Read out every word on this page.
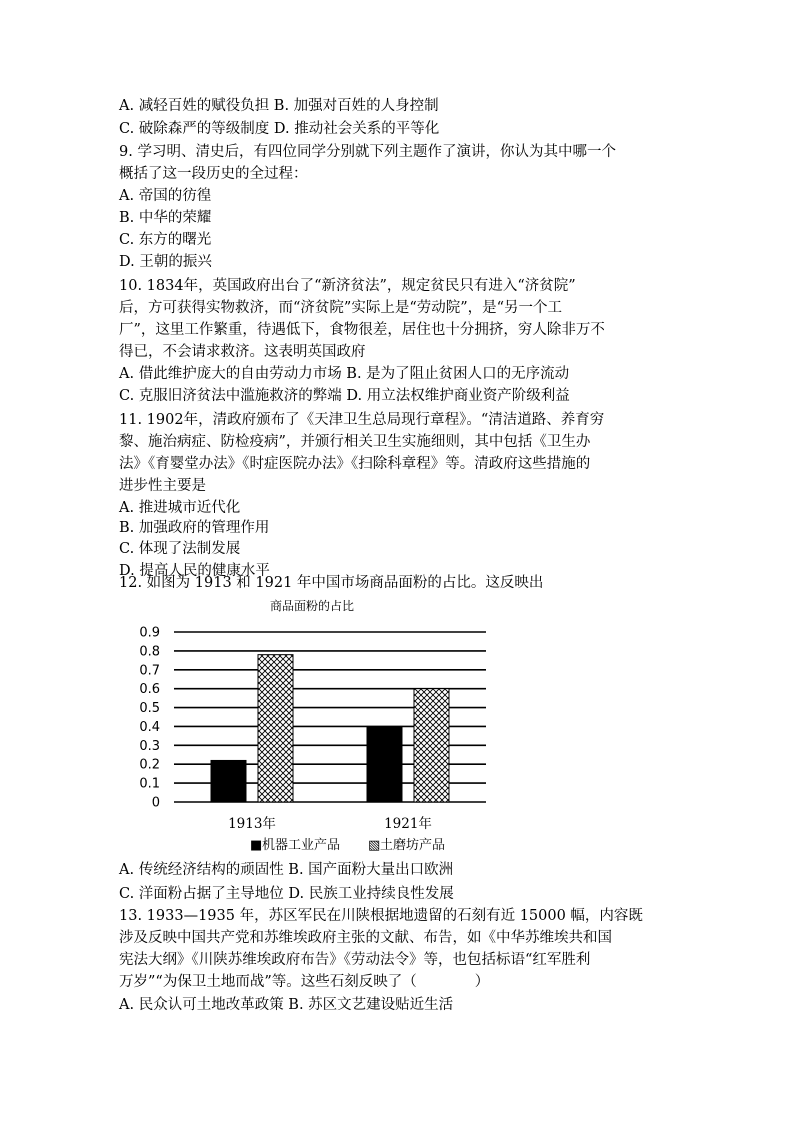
A. 减轻百姓的赋役负担 B. 加强对百姓的人身控制
C. 破除森严的等级制度 D. 推动社会关系的平等化
9. 学习明、清史后，有四位同学分别就下列主题作了演讲，你认为其中哪一个
概括了这一段历史的全过程：
A. 帝国的彷徨
B. 中华的荣耀
C. 东方的曙光
D. 王朝的振兴
10. 1834年，英国政府出台了“新济贫法”，规定贫民只有进入“济贫院”
后，方可获得实物救济，而“济贫院”实际上是“劳动院”，是“另一个工
厂”，这里工作繁重，待遇低下，食物很差，居住也十分拥挤，穷人除非万不
得已，不会请求救济。这表明英国政府
A. 借此维护庞大的自由劳动力市场 B. 是为了阻止贫困人口的无序流动
C. 克服旧济贫法中滥施救济的弊端 D. 用立法权维护商业资产阶级利益
11. 1902年，清政府颁布了《天津卫生总局现行章程》。“清洁道路、养育穷
黎、施治病症、防检疫病”，并颁行相关卫生实施细则，其中包括《卫生办
法》《育婴堂办法》《时症医院办法》《扫除科章程》等。清政府这些措施的
进步性主要是
A. 推进城市近代化
B. 加强政府的管理作用
C. 体现了法制发展
D. 提高人民的健康水平
12. 如图为 1913 和 1921 年中国市场商品面粉的占比。这反映出
A. 传统经济结构的顽固性 B. 国产面粉大量出口欧洲
C. 洋面粉占据了主导地位 D. 民族工业持续良性发展
13. 1933—1935 年，苏区军民在川陕根据地遗留的石刻有近 15000 幅，内容既
涉及反映中国共产党和苏维埃政府主张的文献、布告，如《中华苏维埃共和国
宪法大纲》《川陕苏维埃政府布告》《劳动法令》等，也包括标语“红军胜利
万岁”“为保卫土地而战”等。这些石刻反映了（　　　　）
A. 民众认可土地改革政策 B. 苏区文艺建设贴近生活
商品面粉的占比
0
0.1
0.2
0.3
0.4
0.5
0.6
0.7
0.8
0.9
1913年	1921年
■ 机器工业产品 ▧ 土磨坊产品
